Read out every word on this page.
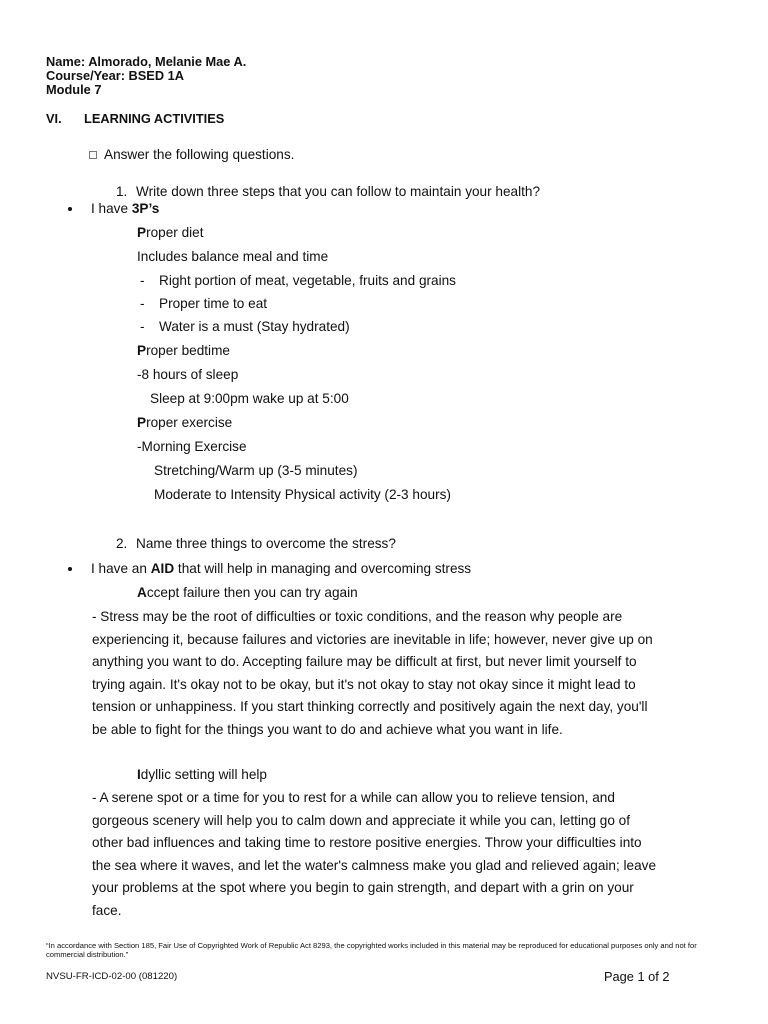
Name: Almorado, Melanie Mae A.
Course/Year: BSED 1A
Module 7
VI. LEARNING ACTIVITIES
Answer the following questions.
1. Write down three steps that you can follow to maintain your health?
I have 3P’s
Proper diet
Includes balance meal and time
- Right portion of meat, vegetable, fruits and grains
- Proper time to eat
- Water is a must (Stay hydrated)
Proper bedtime
-8 hours of sleep
Sleep at 9:00pm wake up at 5:00
Proper exercise
-Morning Exercise
Stretching/Warm up (3-5 minutes)
Moderate to Intensity Physical activity (2-3 hours)
2. Name three things to overcome the stress?
I have an AID that will help in managing and overcoming stress
Accept failure then you can try again
- Stress may be the root of difficulties or toxic conditions, and the reason why people are
experiencing it, because failures and victories are inevitable in life; however, never give up on
anything you want to do. Accepting failure may be difficult at first, but never limit yourself to
trying again. It's okay not to be okay, but it's not okay to stay not okay since it might lead to
tension or unhappiness. If you start thinking correctly and positively again the next day, you'll
be able to fight for the things you want to do and achieve what you want in life.
Idyllic setting will help
- A serene spot or a time for you to rest for a while can allow you to relieve tension, and
gorgeous scenery will help you to calm down and appreciate it while you can, letting go of
other bad influences and taking time to restore positive energies. Throw your difficulties into
the sea where it waves, and let the water's calmness make you glad and relieved again; leave
your problems at the spot where you begin to gain strength, and depart with a grin on your
face.
“In accordance with Section 185, Fair Use of Copyrighted Work of Republic Act 8293, the copyrighted works included in this material may be reproduced for educational purposes only and not for commercial distribution.”
NVSU-FR-ICD-02-00 (081220)	Page 1 of 2
